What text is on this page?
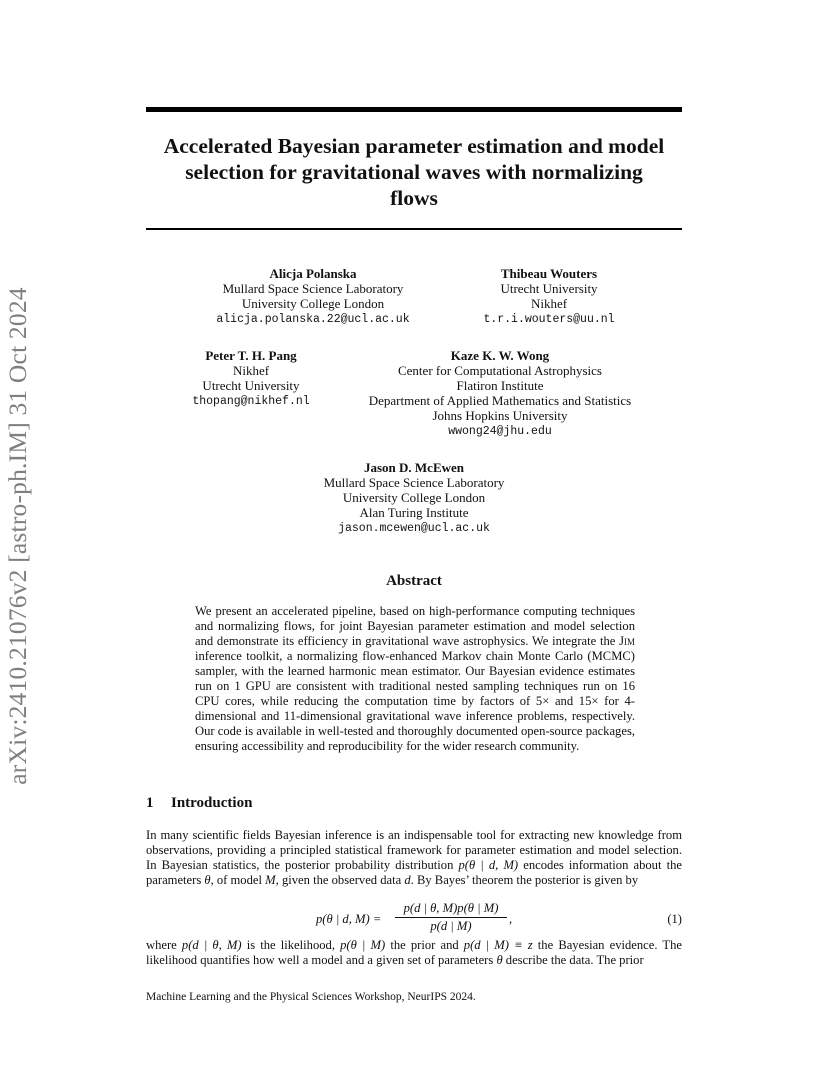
arXiv:2410.21076v2 [astro-ph.IM] 31 Oct 2024
Accelerated Bayesian parameter estimation and model
selection for gravitational waves with normalizing
flows
Alicja Polanska
Mullard Space Science Laboratory
University College London
alicja.polanska.22@ucl.ac.uk
Thibeau Wouters
Utrecht University
Nikhef
t.r.i.wouters@uu.nl
Peter T. H. Pang
Nikhef
Utrecht University
thopang@nikhef.nl
Kaze K. W. Wong
Center for Computational Astrophysics
Flatiron Institute
Department of Applied Mathematics and Statistics
Johns Hopkins University
wwong24@jhu.edu
Jason D. McEwen
Mullard Space Science Laboratory
University College London
Alan Turing Institute
jason.mcewen@ucl.ac.uk
Abstract
We present an accelerated pipeline, based on high-performance computing techniques and normalizing flows, for joint Bayesian parameter estimation and model selection and demonstrate its efficiency in gravitational wave astrophysics. We integrate the Jim inference toolkit, a normalizing flow-enhanced Markov chain Monte Carlo (MCMC) sampler, with the learned harmonic mean estimator. Our Bayesian evidence estimates run on 1 GPU are consistent with traditional nested sampling techniques run on 16 CPU cores, while reducing the computation time by factors of 5× and 15× for 4-dimensional and 11-dimensional gravitational wave inference problems, respectively. Our code is available in well-tested and thoroughly documented open-source packages, ensuring accessibility and reproducibility for the wider research community.
1 Introduction
In many scientific fields Bayesian inference is an indispensable tool for extracting new knowledge from observations, providing a principled statistical framework for parameter estimation and model selection. In Bayesian statistics, the posterior probability distribution p(θ | d, M) encodes information about the parameters θ, of model M, given the observed data d. By Bayes’ theorem the posterior is given by
p(θ | d, M) =
p(d | θ, M)p(θ | M)
p(d | M)	,	(1)
where p(d | θ, M) is the likelihood, p(θ | M) the prior and p(d | M) ≡ z the Bayesian evidence. The likelihood quantifies how well a model and a given set of parameters θ describe the data. The prior
Machine Learning and the Physical Sciences Workshop, NeurIPS 2024.
